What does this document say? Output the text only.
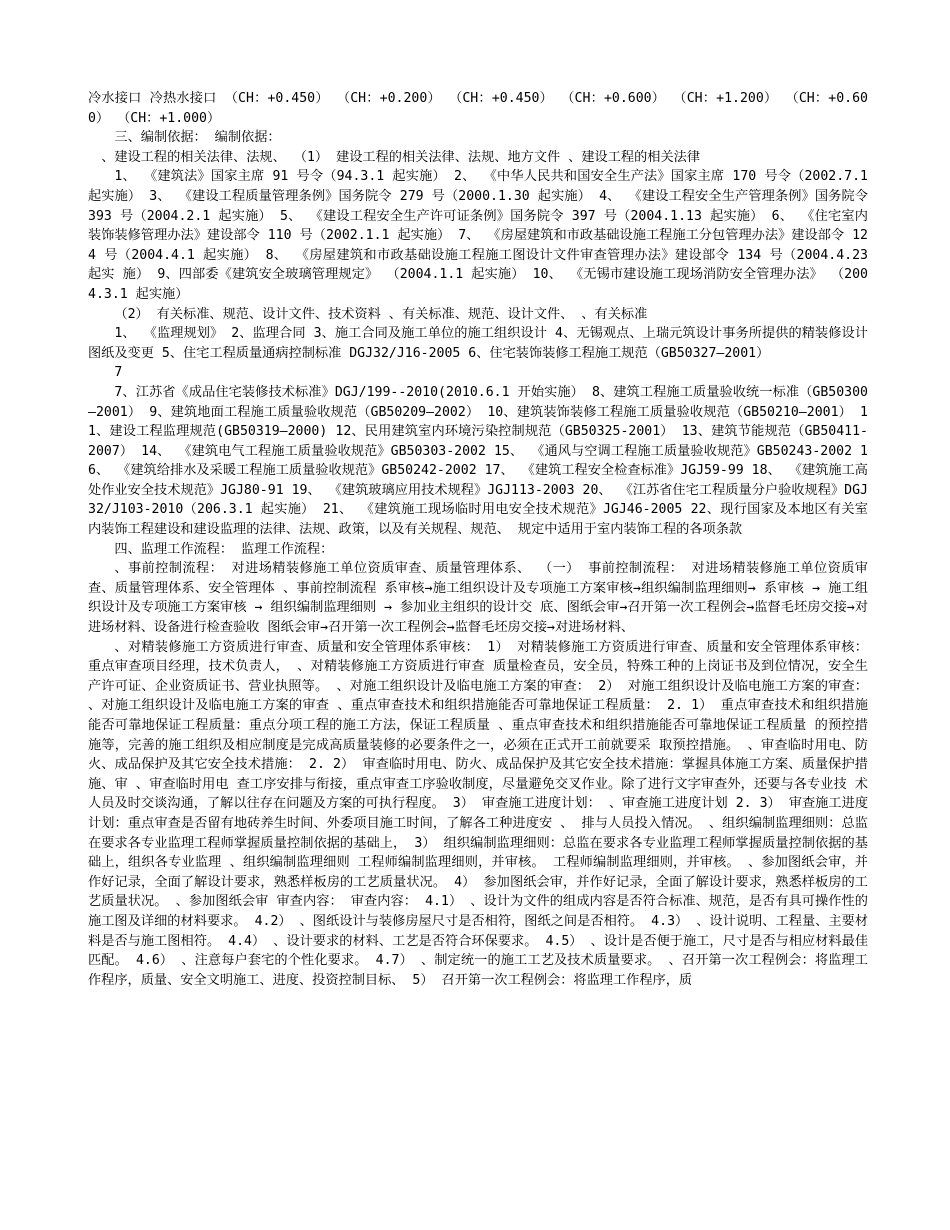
冷水接口 冷热水接口 （CH：+0.450） （CH：+0.200） （CH：+0.450） （CH：+0.600） （CH：+1.200） （CH：+0.600） （CH：+1.000）

三、编制依据： 编制依据：

、建设工程的相关法律、法规、 （1） 建设工程的相关法律、法规、地方文件 、建设工程的相关法律

1、 《建筑法》国家主席 91 号令（94.3.1 起实施） 2、 《中华人民共和国安全生产法》国家主席 170 号令（2002.7.1 起实施） 3、 《建设工程质量管理条例》国务院令 279 号（2000.1.30 起实施） 4、 《建设工程安全生产管理条例》国务院令 393 号（2004.2.1 起实施） 5、 《建设工程安全生产许可证条例》国务院令 397 号（2004.1.13 起实施） 6、 《住宅室内装饰装修管理办法》建设部令 110 号（2002.1.1 起实施） 7、 《房屋建筑和市政基础设施工程施工分包管理办法》建设部令 124 号（2004.4.1 起实施） 8、 《房屋建筑和市政基础设施工程施工图设计文件审查管理办法》建设部令 134 号（2004.4.23 起实 施） 9、四部委《建筑安全玻璃管理规定》 （2004.1.1 起实施） 10、 《无锡市建设施工现场消防安全管理办法》 （2004.3.1 起实施）

（2） 有关标准、规范、设计文件、技术资料 、有关标准、规范、设计文件、 、有关标准

1、 《监理规划》 2、监理合同 3、施工合同及施工单位的施工组织设计 4、无锡观点、上瑞元筑设计事务所提供的精装修设计图纸及变更 5、住宅工程质量通病控制标准 DGJ32/J16-2005 6、住宅装饰装修工程施工规范（GB50327—2001）

7

7、江苏省《成品住宅装修技术标准》DGJ/199--2010(2010.6.1 开始实施） 8、建筑工程施工质量验收统一标准（GB50300—2001） 9、建筑地面工程施工质量验收规范（GB50209—2002） 10、建筑装饰装修工程施工质量验收规范（GB50210—2001） 11、建设工程监理规范(GB50319—2000) 12、民用建筑室内环境污染控制规范（GB50325-2001） 13、建筑节能规范（GB50411-2007） 14、 《建筑电气工程施工质量验收规范》GB50303-2002 15、 《通风与空调工程施工质量验收规范》GB50243-2002 16、 《建筑给排水及采暖工程施工质量验收规范》GB50242-2002 17、 《建筑工程安全检查标准》JGJ59-99 18、 《建筑施工高处作业安全技术规范》JGJ80-91 19、 《建筑玻璃应用技术规程》JGJ113-2003 20、 《江苏省住宅工程质量分户验收规程》DGJ32/J103-2010（206.3.1 起实施） 21、 《建筑施工现场临时用电安全技术规范》JGJ46-2005 22、现行国家及本地区有关室内装饰工程建设和建设监理的法律、法规、政策，以及有关规程、规范、 规定中适用于室内装饰工程的各项条款

四、监理工作流程： 监理工作流程：

、事前控制流程： 对进场精装修施工单位资质审查、质量管理体系、 （一） 事前控制流程： 对进场精装修施工单位资质审查、质量管理体系、安全管理体 、事前控制流程 系审核→施工组织设计及专项施工方案审核→组织编制监理细则→ 系审核 → 施工组织设计及专项施工方案审核 → 组织编制监理细则 → 参加业主组织的设计交 底、图纸会审→召开第一次工程例会→监督毛坯房交接→对进场材料、设备进行检查验收 图纸会审→召开第一次工程例会→监督毛坯房交接→对进场材料、

、对精装修施工方资质进行审查、质量和安全管理体系审核： 1） 对精装修施工方资质进行审查、质量和安全管理体系审核： 重点审查项目经理，技术负责人， 、对精装修施工方资质进行审查 质量检查员，安全员，特殊工种的上岗证书及到位情况，安全生产许可证、企业资质证书、营业执照等。 、对施工组织设计及临电施工方案的审查： 2） 对施工组织设计及临电施工方案的审查： 、对施工组织设计及临电施工方案的审查 、重点审查技术和组织措施能否可靠地保证工程质量： 2. 1） 重点审查技术和组织措施能否可靠地保证工程质量：重点分项工程的施工方法，保证工程质量 、重点审查技术和组织措施能否可靠地保证工程质量 的预控措施等，完善的施工组织及相应制度是完成高质量装修的必要条件之一，必须在正式开工前就要采 取预控措施。 、审查临时用电、防火、成品保护及其它安全技术措施： 2. 2） 审查临时用电、防火、成品保护及其它安全技术措施：掌握具体施工方案、质量保护措施、审 、审查临时用电 查工序安排与衔接，重点审查工序验收制度，尽量避免交叉作业。除了进行文字审查外，还要与各专业技 术人员及时交谈沟通，了解以往存在问题及方案的可执行程度。 3） 审查施工进度计划： 、审查施工进度计划 2. 3） 审查施工进度计划：重点审查是否留有地砖养生时间、外委项目施工时间，了解各工种进度安 、 排与人员投入情况。 、组织编制监理细则：总监在要求各专业监理工程师掌握质量控制依据的基础上， 3） 组织编制监理细则：总监在要求各专业监理工程师掌握质量控制依据的基础上，组织各专业监理 、组织编制监理细则 工程师编制监理细则，并审核。 工程师编制监理细则，并审核。 、参加图纸会审，并作好记录，全面了解设计要求，熟悉样板房的工艺质量状况。 4） 参加图纸会审，并作好记录，全面了解设计要求，熟悉样板房的工艺质量状况。 、参加图纸会审 审查内容： 审查内容： 4.1） 、设计为文件的组成内容是否符合标准、规范，是否有具可操作性的施工图及详细的材料要求。 4.2） 、图纸设计与装修房屋尺寸是否相符，图纸之间是否相符。 4.3） 、设计说明、工程量、主要材料是否与施工图相符。 4.4） 、设计要求的材料、工艺是否符合环保要求。 4.5） 、设计是否便于施工，尺寸是否与相应材料最佳匹配。 4.6） 、注意每户套宅的个性化要求。 4.7） 、制定统一的施工工艺及技术质量要求。 、召开第一次工程例会：将监理工作程序，质量、安全文明施工、进度、投资控制目标、 5） 召开第一次工程例会：将监理工作程序，质
